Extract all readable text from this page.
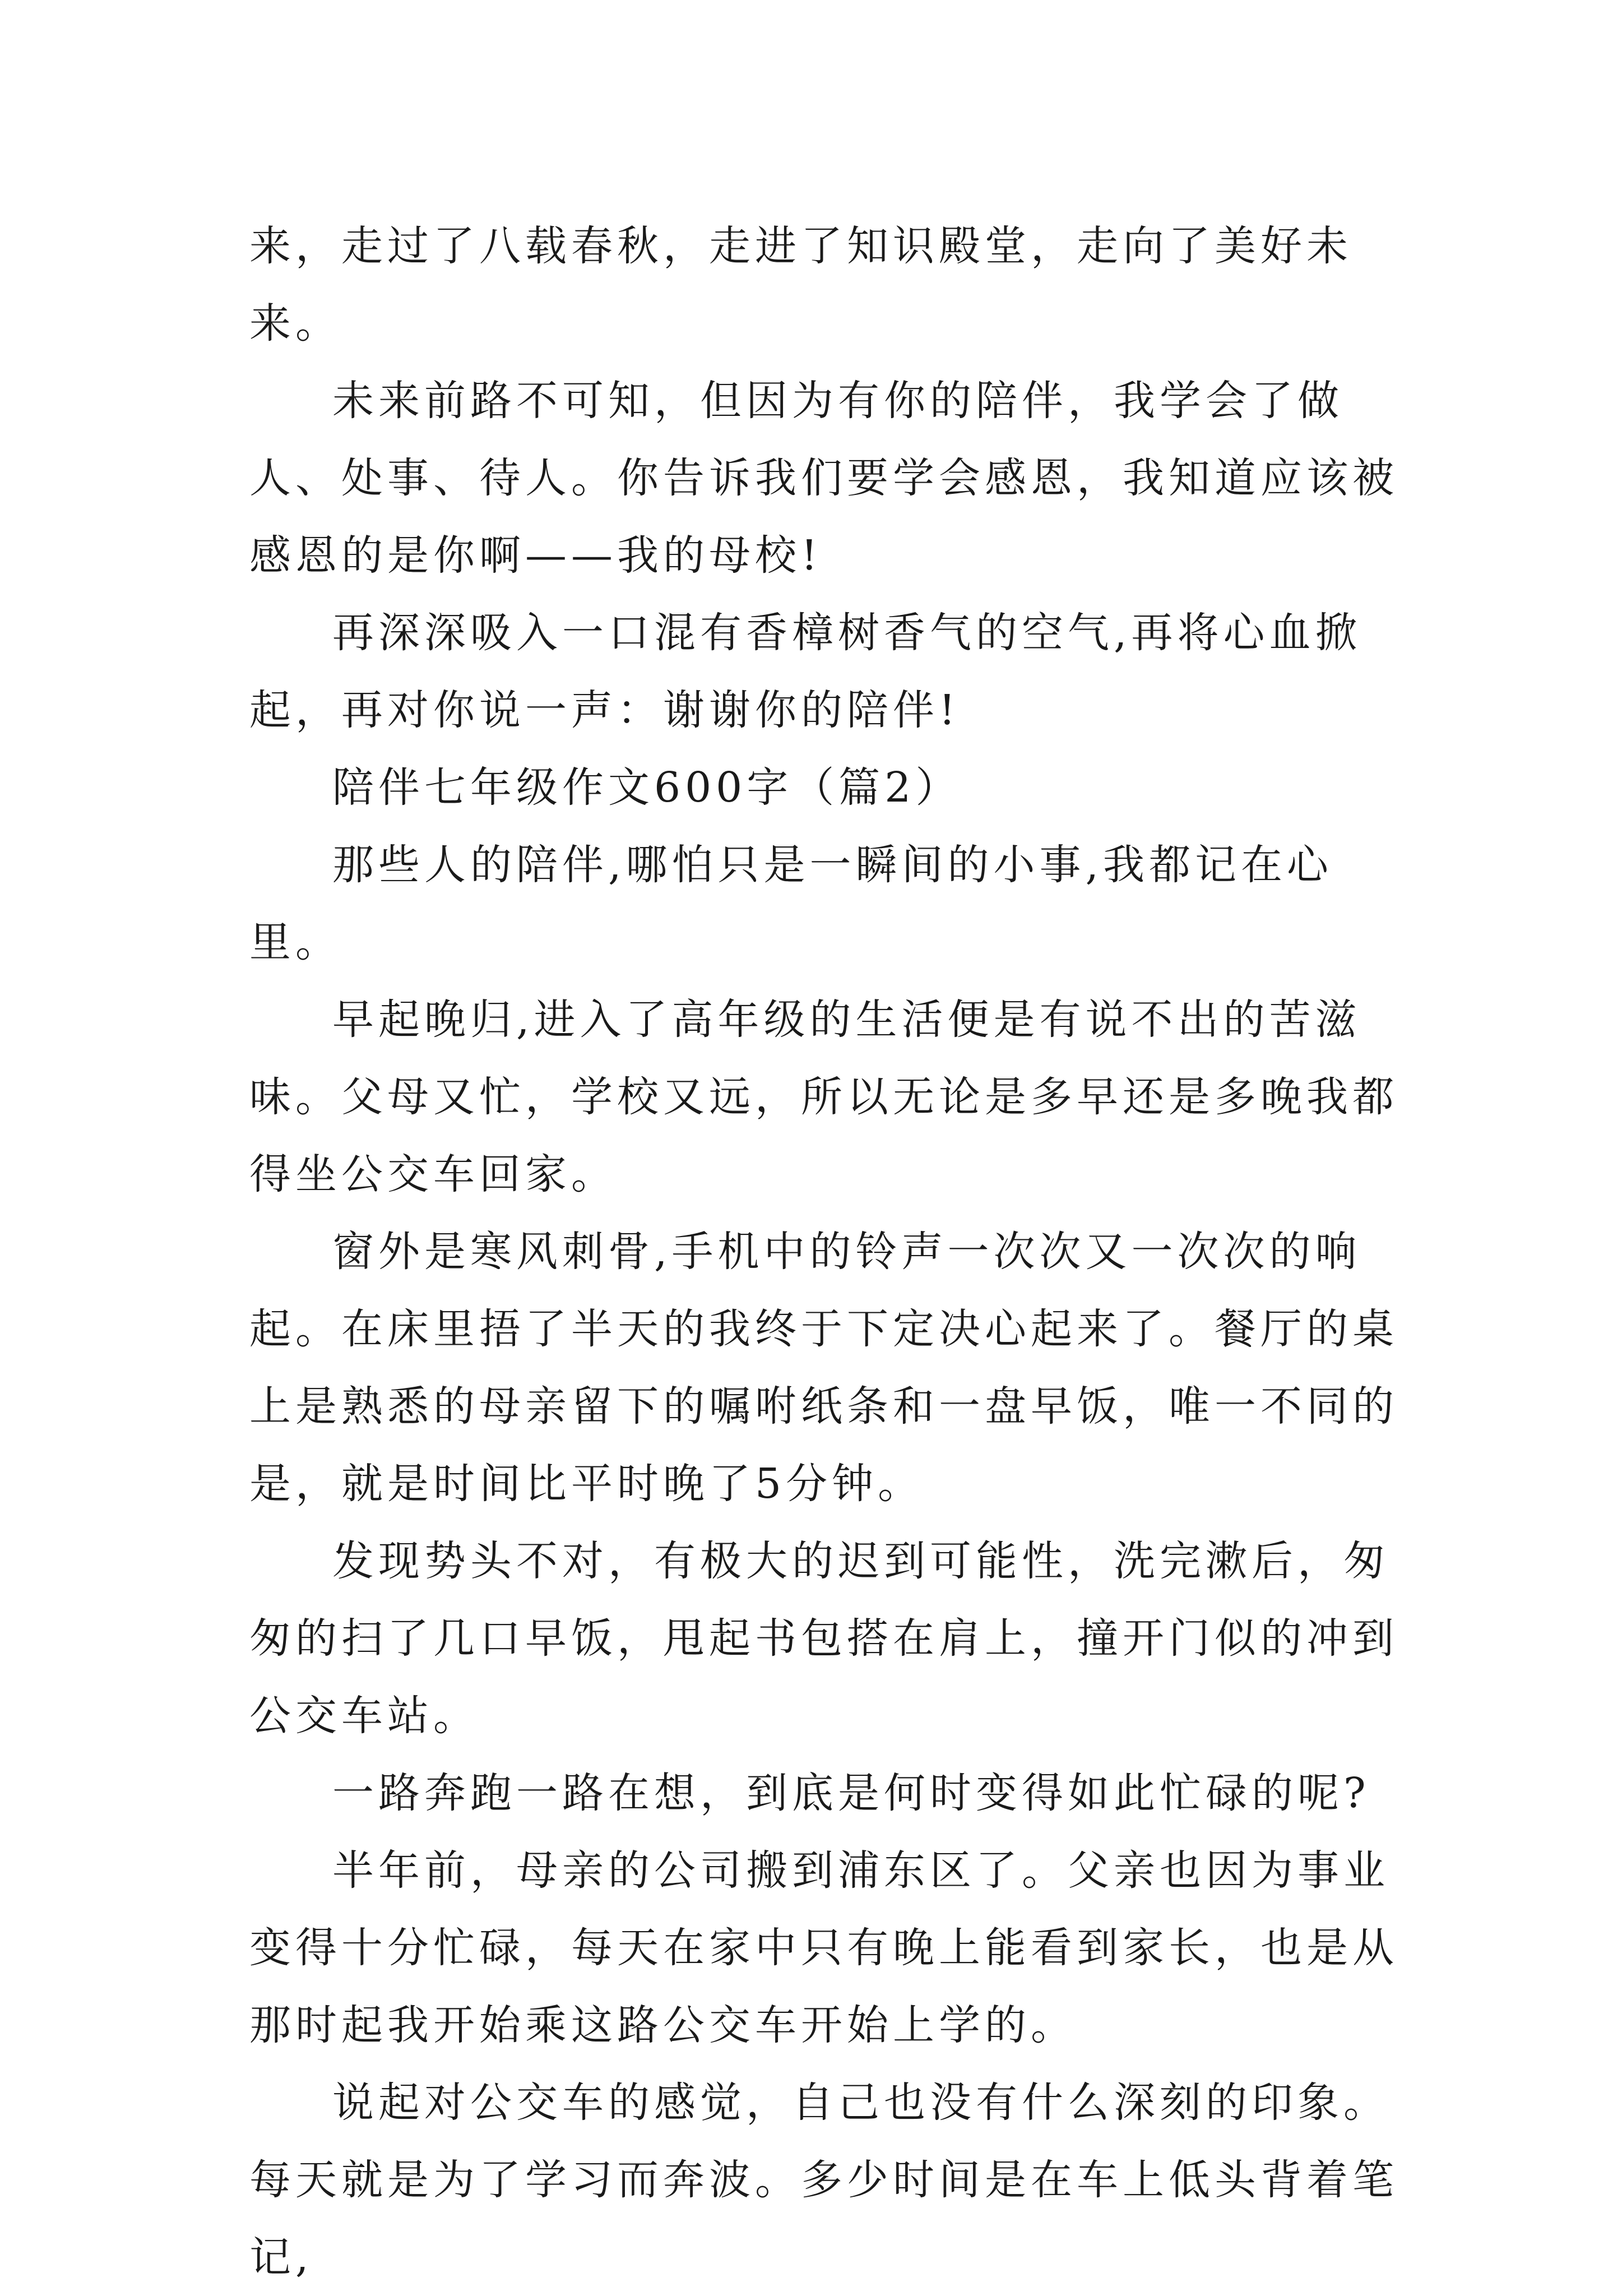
来，走过了八载春秋，走进了知识殿堂，走向了美好未来。

未来前路不可知，但因为有你的陪伴，我学会了做人、处事、待人。你告诉我们要学会感恩，我知道应该被感恩的是你啊——我的母校!

再深深吸入一口混有香樟树香气的空气,再将心血掀起，再对你说一声：谢谢你的陪伴!

陪伴七年级作文600字（篇2）

那些人的陪伴,哪怕只是一瞬间的小事,我都记在心里。

早起晚归,进入了高年级的生活便是有说不出的苦滋味。父母又忙，学校又远，所以无论是多早还是多晚我都得坐公交车回家。

窗外是寒风刺骨,手机中的铃声一次次又一次次的响起。在床里捂了半天的我终于下定决心起来了。餐厅的桌上是熟悉的母亲留下的嘱咐纸条和一盘早饭，唯一不同的是，就是时间比平时晚了5分钟。

发现势头不对，有极大的迟到可能性，洗完漱后，匆匆的扫了几口早饭，甩起书包搭在肩上，撞开门似的冲到公交车站。

一路奔跑一路在想，到底是何时变得如此忙碌的呢?

半年前，母亲的公司搬到浦东区了。父亲也因为事业变得十分忙碌，每天在家中只有晚上能看到家长，也是从那时起我开始乘这路公交车开始上学的。

说起对公交车的感觉，自己也没有什么深刻的印象。每天就是为了学习而奔波。多少时间是在车上低头背着笔记,
